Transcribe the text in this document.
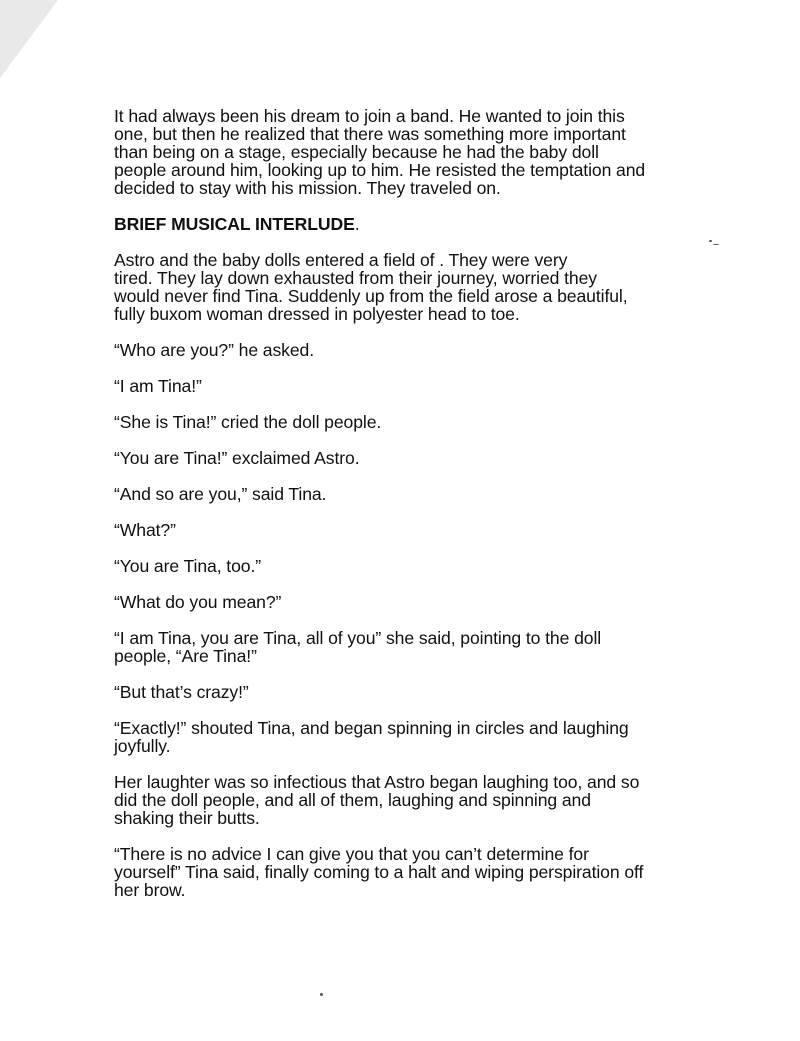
It had always been his dream to join a band. He wanted to join this
one, but then he realized that there was something more important
than being on a stage, especially because he had the baby doll
people around him, looking up to him. He resisted the temptation and
decided to stay with his mission. They traveled on.

BRIEF MUSICAL INTERLUDE.

Astro and the baby dolls entered a field of . They were very
tired. They lay down exhausted from their journey, worried they
would never find Tina. Suddenly up from the field arose a beautiful,
fully buxom woman dressed in polyester head to toe.

“Who are you?” he asked.

“I am Tina!”

“She is Tina!” cried the doll people.

“You are Tina!” exclaimed Astro.

“And so are you,” said Tina.

“What?”

“You are Tina, too.”

“What do you mean?”

“I am Tina, you are Tina, all of you” she said, pointing to the doll
people, “Are Tina!”

“But that’s crazy!”

“Exactly!” shouted Tina, and began spinning in circles and laughing
joyfully.

Her laughter was so infectious that Astro began laughing too, and so
did the doll people, and all of them, laughing and spinning and
shaking their butts.

“There is no advice I can give you that you can’t determine for
yourself” Tina said, finally coming to a halt and wiping perspiration off
her brow.
